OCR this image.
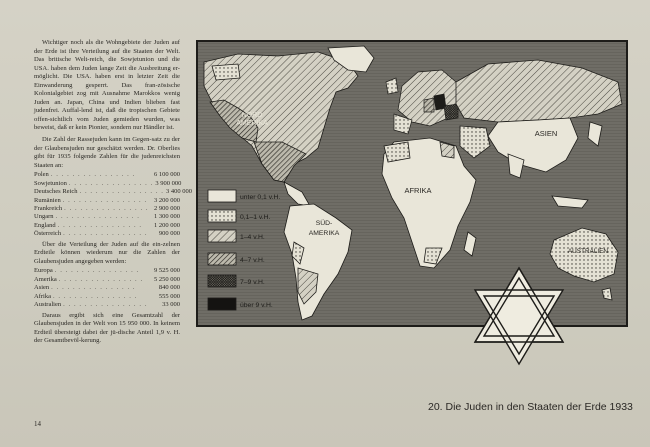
Wichtiger noch als die Wohngebiete der Juden auf der Erde ist ihre Verteilung auf die Staaten der Welt. Das britische Welt-reich, die Sowjetunion und die USA. haben dem Juden lange Zeit die Ausbreitung er-möglicht. Die USA. haben erst in letzter Zeit die Einwanderung gesperrt. Das fran-zösische Kolonialgebiet zog mit Ausnahme Marokkos wenig Juden an. Japan, China und Indien blieben fast judenfrei. Auffal-lend ist, daß die tropischen Gebiete offen-sichtlich vom Juden gemieden wurden, was beweist, daß er kein Pionier, sondern nur Händler ist.

Die Zahl der Rassejuden kann im Gegen-satz zu der der Glaubensjuden nur geschätzt werden. Dr. Oberlies gibt für 1935 folgende Zahlen für die judenreichsten Staaten an:

Polen . . . . . . . . . . . . . . . .	6 100 000
Sowjetunion . . . . . . . . . . . . . . . . 3 900 000
Deutsches Reich . . . . . . . . . . . . . . . . 3 400 000
Rumänien . . . . . . . . . . . . . . . .	3 200 000
Frankreich . . . . . . . . . . . . . . . . 2 900 000
Ungarn . . . . . . . . . . . . . . . .	1 300 000
England . . . . . . . . . . . . . . . .	1 200 000
Österreich . . . . . . . . . . . . . . . .	900 000

Über die Verteilung der Juden auf die ein-zelnen Erdteile können wiederum nur die Zahlen der Glaubensjuden angegeben werden:

Europa . . . . . . . . . . . . . . . .	9 525 000
Amerika . . . . . . . . . . . . . . . .	5 250 000
Asien . . . . . . . . . . . . . . . .	840 000
Afrika . . . . . . . . . . . . . . . .	555 000
Australien . . . . . . . . . . . . . . . .	33 000

Daraus ergibt sich eine Gesamtzahl der Glaubensjuden in der Welt von 15 950 000. In keinem Erdteil übersteigt dabei der jü-dische Anteil 1,9 v. H. der Gesamtbevöl-kerung.

14
NORD
AMERIKA
SÜD-
AMERIKA
AFRIKA
ASIEN
AUSTRALIEN
unter 0,1 v.H.
0,1–1 v.H.
1–4 v.H.
4–7 v.H.
7–9 v.H.
über 9 v.H.
20. Die Juden in den Staaten der Erde 1933
